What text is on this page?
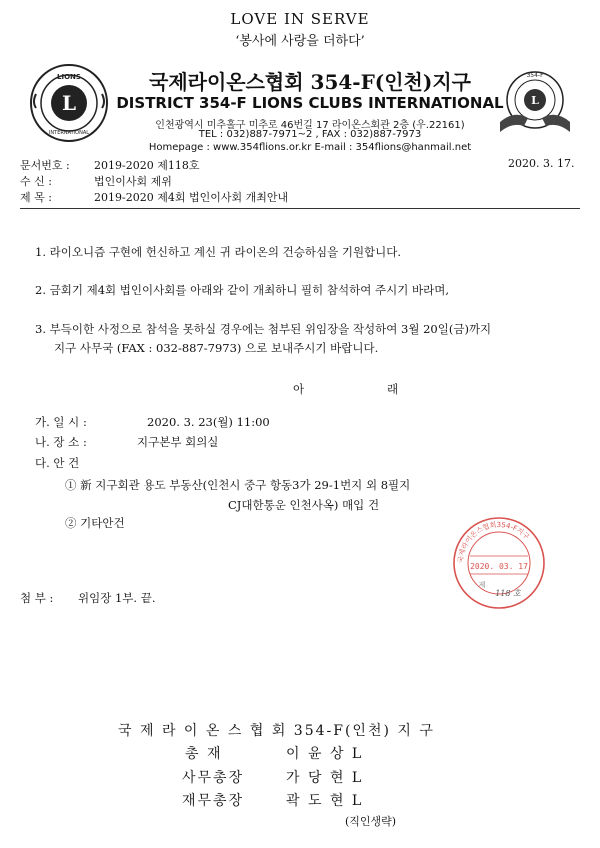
LOVE IN SERVE
‘봉사에 사랑을 더하다’
L
LIONS
INTERNATIONAL
국제라이온스협회 354-F(인천)지구
DISTRICT 354-F LIONS CLUBS INTERNATIONAL
인천광역시 미추홀구 미추로 46번길 17 라이온스회관 2층 (우.22161)
TEL : 032)887-7971~2 , FAX : 032)887-7973
Homepage : www.354flions.or.kr E-mail : 354flions@hanmail.net
L
354-F
문서번호 : 2019-2020 제118호	2020. 3. 17.
수 신 :	법인이사회 제위
제 목 :	2019-2020 제4회 법인이사회 개최안내
1. 라이오니즘 구현에 헌신하고 계신 귀 라이온의 건승하심을 기원합니다.
2. 금회기 제4회 법인이사회를 아래와 같이 개최하니 필히 참석하여 주시기 바라며,
3. 부득이한 사정으로 참석을 못하실 경우에는 첨부된 위임장을 작성하여 3월 20일(금)까지
지구 사무국 (FAX : 032-887-7973) 으로 보내주시기 바랍니다.
아	래
가. 일 시 :	2020. 3. 23(월) 11:00
나. 장 소 :	지구본부 회의실
다. 안 건
① 新 지구회관 용도 부동산(인천시 중구 항동3가 29-1번지 외 8필지
CJ대한통운 인천사옥) 매입 건
② 기타안건
국제라이온스협회354-F지구
2020. 03. 17
제
118 호
첨 부 : 위임장 1부. 끝.
국 제 라 이 온 스 협 회 354-F(인천) 지 구
총 재	이 윤 상 L
사무총장	가 당 현 L
재무총장	곽 도 현 L
(직인생략)
